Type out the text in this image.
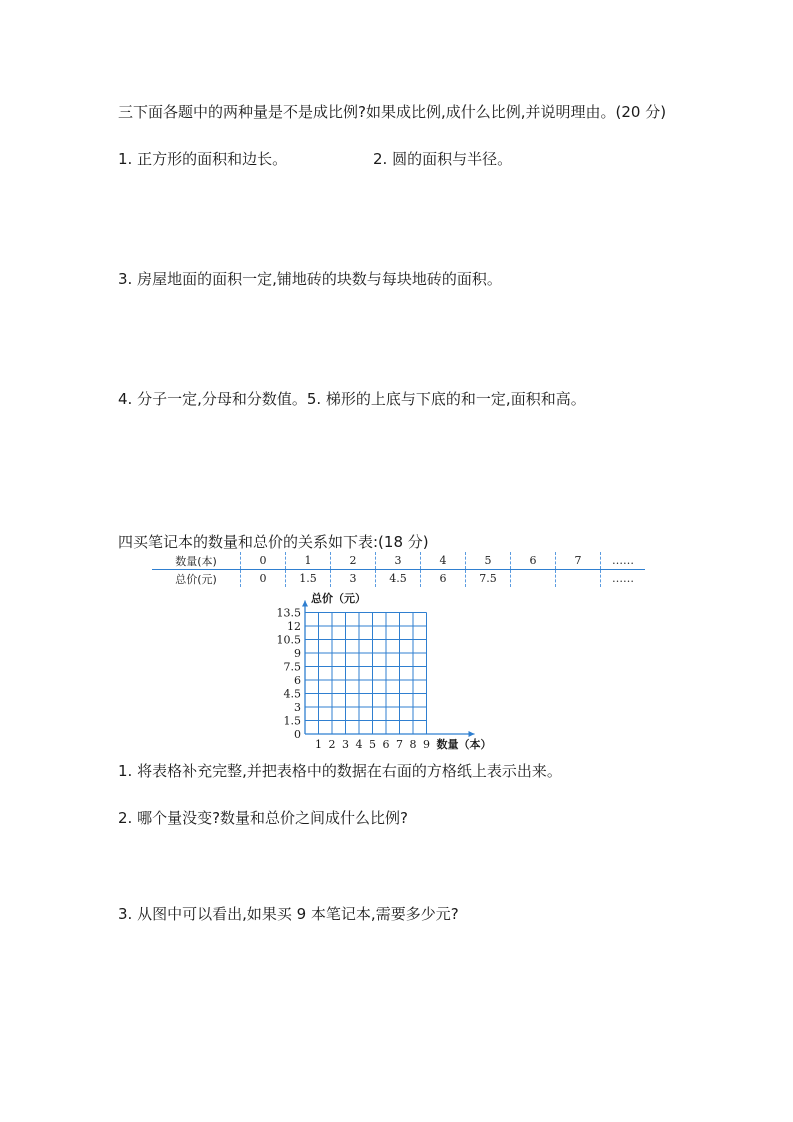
三下面各题中的两种量是不是成比例?如果成比例,成什么比例,并说明理由。(20 分)
1. 正方形的面积和边长。	2. 圆的面积与半径。
3. 房屋地面的面积一定,铺地砖的块数与每块地砖的面积。
4. 分子一定,分母和分数值。5. 梯形的上底与下底的和一定,面积和高。
四买笔记本的数量和总价的关系如下表:(18 分)
数量(本)	0	1	2	3	4	5	6	7	……
总价(元)	0	1.5	3	4.5	6	7.5			……
0
1.5
3
4.5
6
7.5
9
10.5
12
13.5
1 2 3 4 5 6 7 8 9
总价（元）
数量（本）
1. 将表格补充完整,并把表格中的数据在右面的方格纸上表示出来。
2. 哪个量没变?数量和总价之间成什么比例?
3. 从图中可以看出,如果买 9 本笔记本,需要多少元?
